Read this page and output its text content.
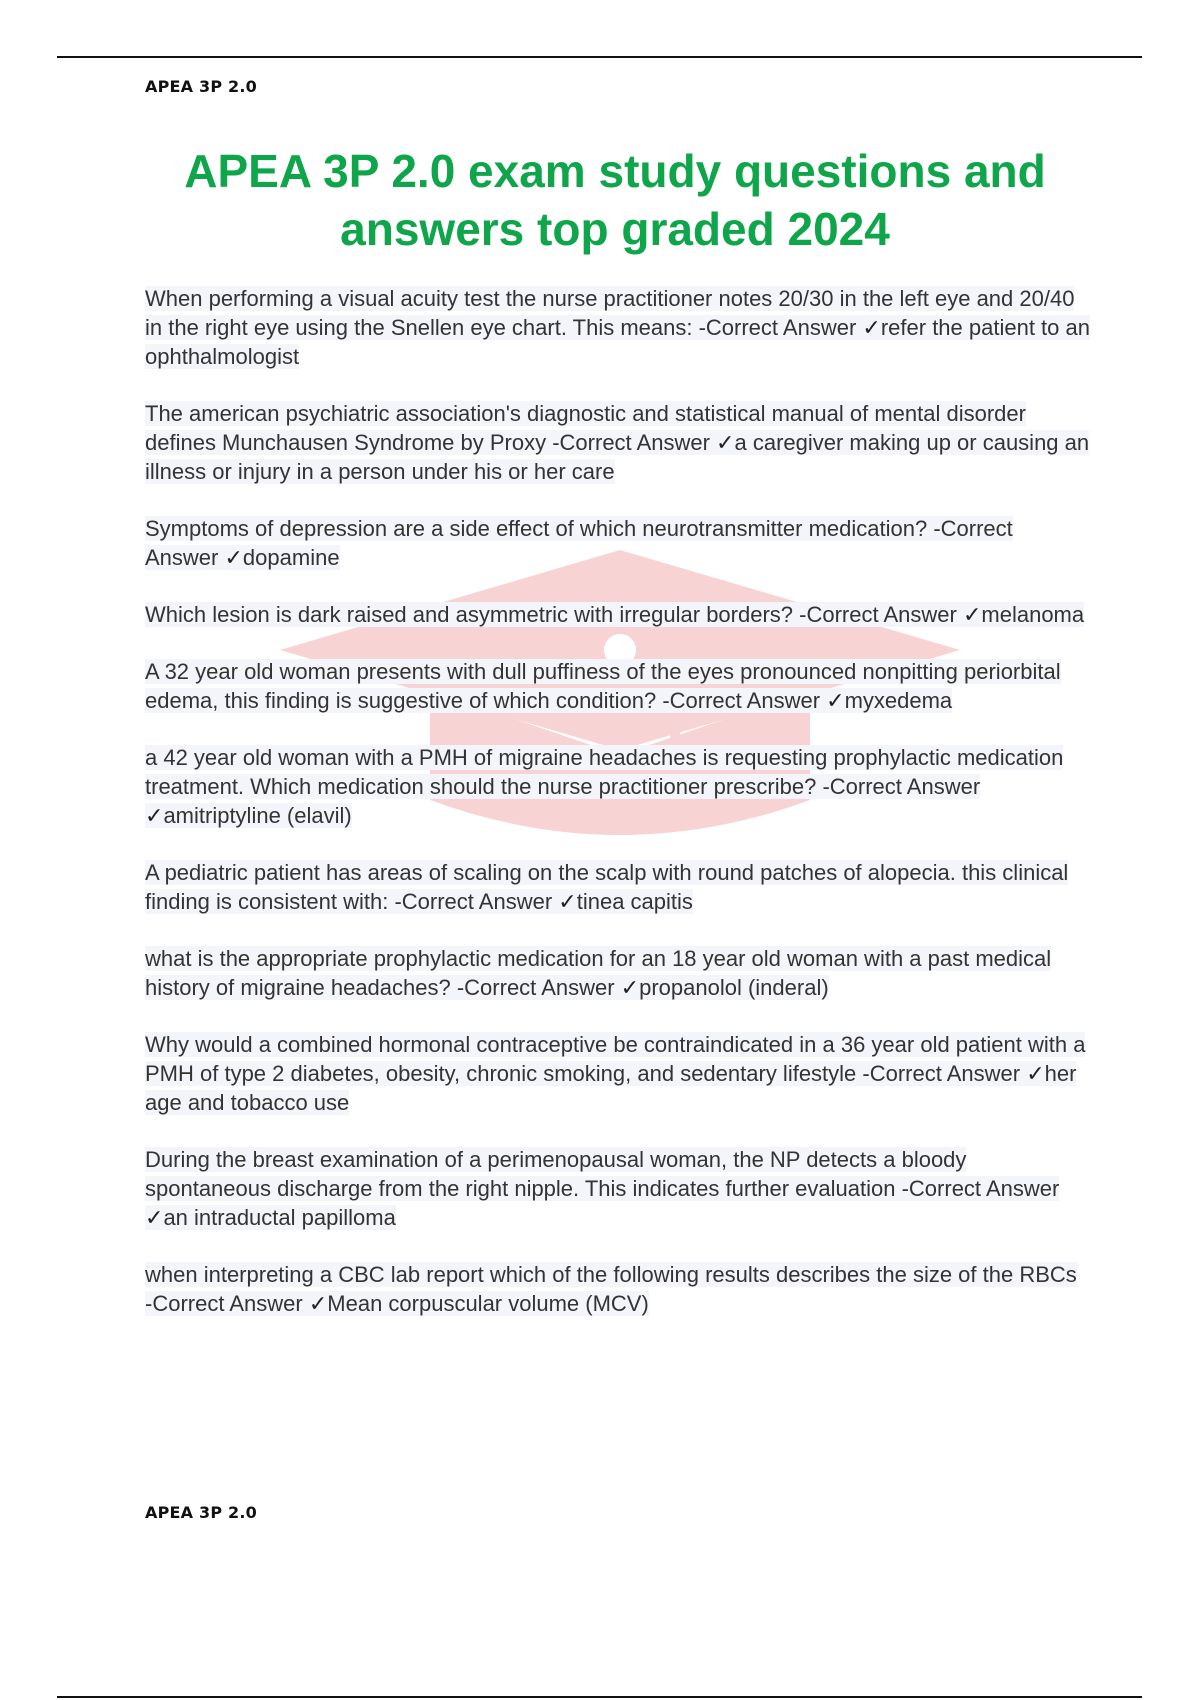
APEA 3P 2.0
APEA 3P 2.0 exam study questions and answers top graded 2024

When performing a visual acuity test the nurse practitioner notes 20/30 in the left eye and 20/40 in the right eye using the Snellen eye chart. This means: -Correct Answer ✓refer the patient to an ophthalmologist

The american psychiatric association's diagnostic and statistical manual of mental disorder defines Munchausen Syndrome by Proxy -Correct Answer ✓a caregiver making up or causing an illness or injury in a person under his or her care

Symptoms of depression are a side effect of which neurotransmitter medication? -Correct Answer ✓dopamine

Which lesion is dark raised and asymmetric with irregular borders? -Correct Answer ✓melanoma

A 32 year old woman presents with dull puffiness of the eyes pronounced nonpitting periorbital edema, this finding is suggestive of which condition? -Correct Answer ✓myxedema

a 42 year old woman with a PMH of migraine headaches is requesting prophylactic medication treatment. Which medication should the nurse practitioner prescribe? -Correct Answer ✓amitriptyline (elavil)

A pediatric patient has areas of scaling on the scalp with round patches of alopecia. this clinical finding is consistent with: -Correct Answer ✓tinea capitis

what is the appropriate prophylactic medication for an 18 year old woman with a past medical history of migraine headaches? -Correct Answer ✓propanolol (inderal)

Why would a combined hormonal contraceptive be contraindicated in a 36 year old patient with a PMH of type 2 diabetes, obesity, chronic smoking, and sedentary lifestyle -Correct Answer ✓her age and tobacco use

During the breast examination of a perimenopausal woman, the NP detects a bloody spontaneous discharge from the right nipple. This indicates further evaluation -Correct Answer ✓an intraductal papilloma

when interpreting a CBC lab report which of the following results describes the size of the RBCs -Correct Answer ✓Mean corpuscular volume (MCV)

APEA 3P 2.0
